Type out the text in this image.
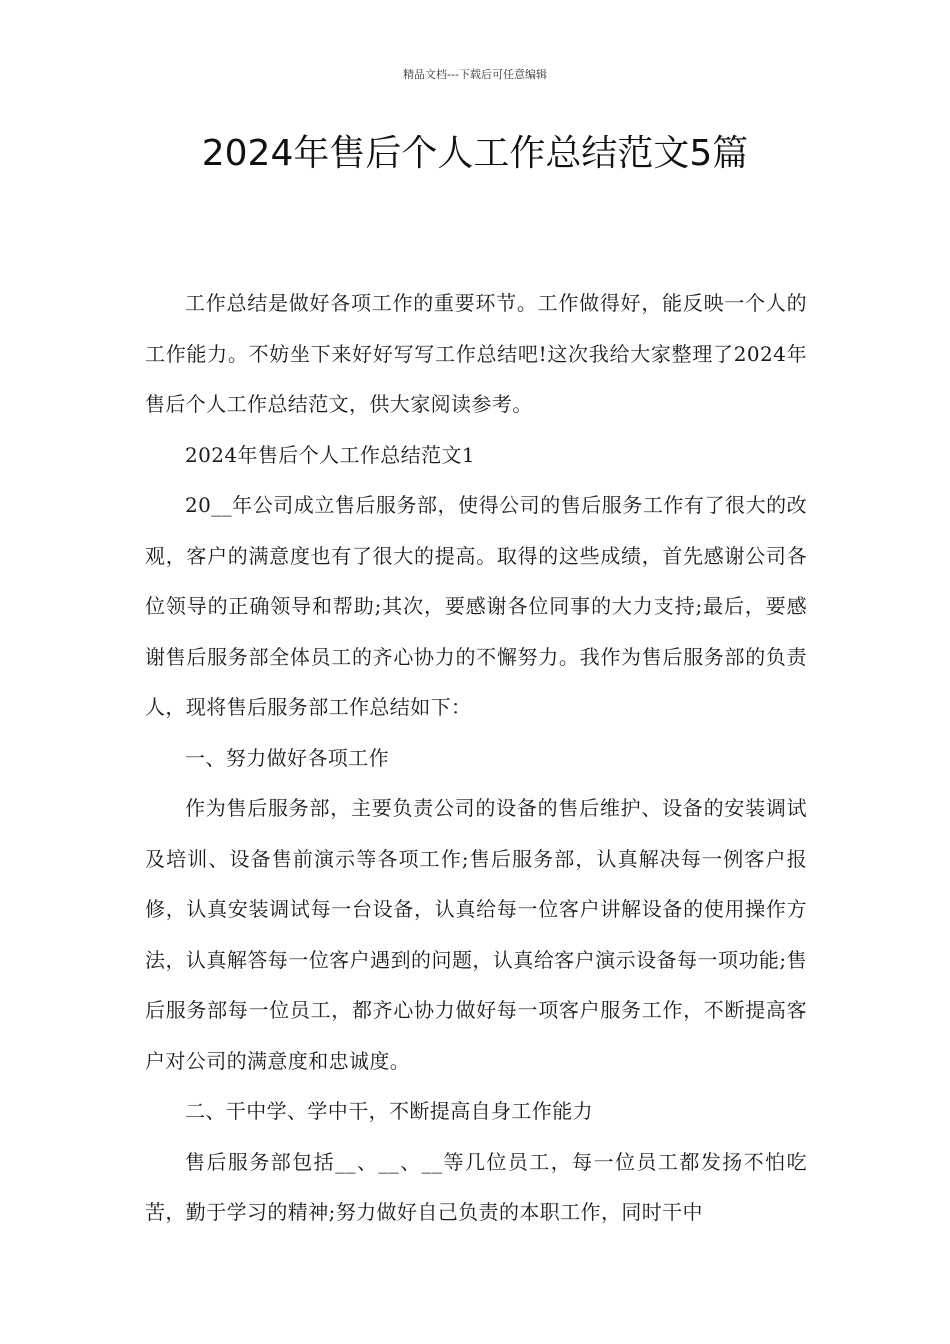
精品文档---下载后可任意编辑
2024年售后个人工作总结范文5篇

工作总结是做好各项工作的重要环节。工作做得好，能反映一个人的工作能力。不妨坐下来好好写写工作总结吧!这次我给大家整理了2024年售后个人工作总结范文，供大家阅读参考。

2024年售后个人工作总结范文1

20__年公司成立售后服务部，使得公司的售后服务工作有了很大的改观，客户的满意度也有了很大的提高。取得的这些成绩，首先感谢公司各位领导的正确领导和帮助;其次，要感谢各位同事的大力支持;最后，要感谢售后服务部全体员工的齐心协力的不懈努力。我作为售后服务部的负责人，现将售后服务部工作总结如下：

一、努力做好各项工作

作为售后服务部，主要负责公司的设备的售后维护、设备的安装调试及培训、设备售前演示等各项工作;售后服务部，认真解决每一例客户报修，认真安装调试每一台设备，认真给每一位客户讲解设备的使用操作方法，认真解答每一位客户遇到的问题，认真给客户演示设备每一项功能;售后服务部每一位员工，都齐心协力做好每一项客户服务工作，不断提高客户对公司的满意度和忠诚度。

二、干中学、学中干，不断提高自身工作能力

售后服务部包括__、__、__等几位员工，每一位员工都发扬不怕吃苦，勤于学习的精神;努力做好自己负责的本职工作，同时干中
